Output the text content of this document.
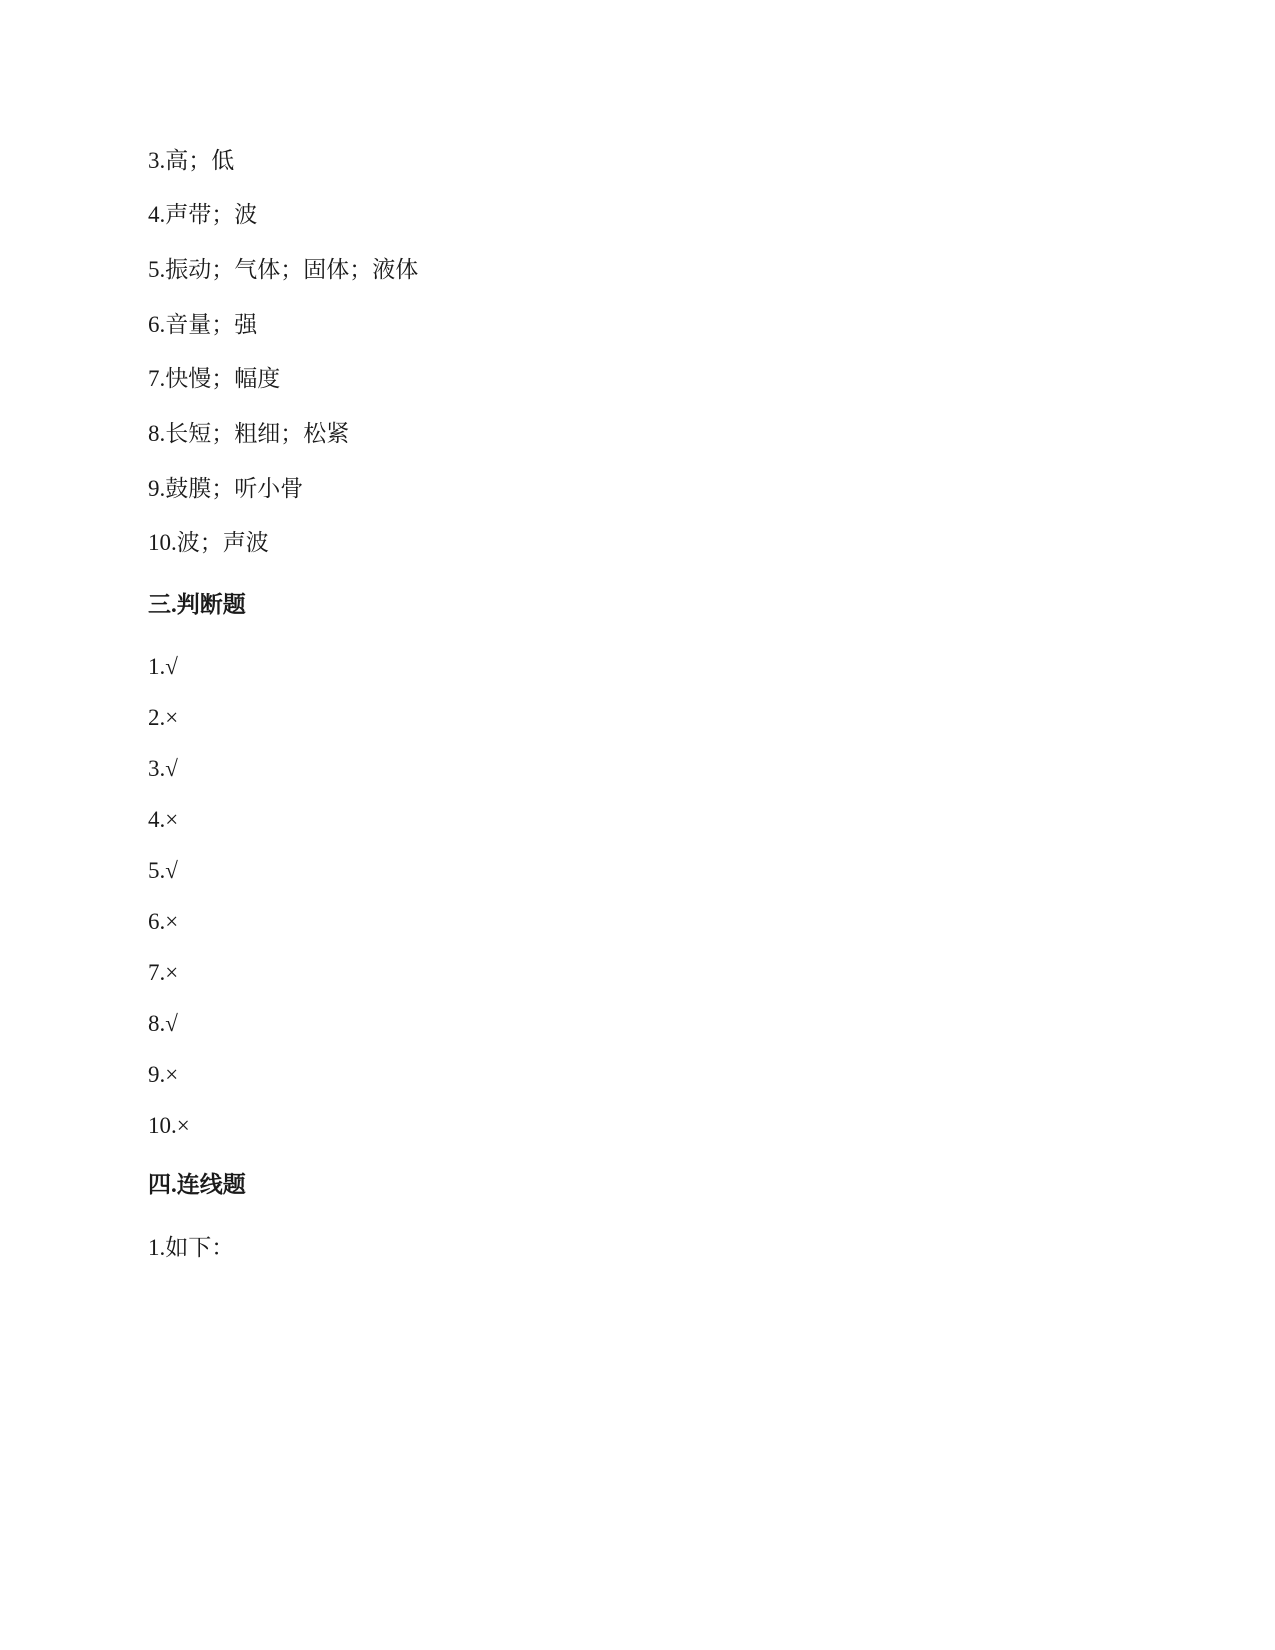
3.高；低
4.声带；波
5.振动；气体；固体；液体
6.音量；强
7.快慢；幅度
8.长短；粗细；松紧
9.鼓膜；听小骨
10.波；声波
三.判断题
1.√
2.×
3.√
4.×
5.√
6.×
7.×
8.√
9.×
10.×
四.连线题
1.如下：
